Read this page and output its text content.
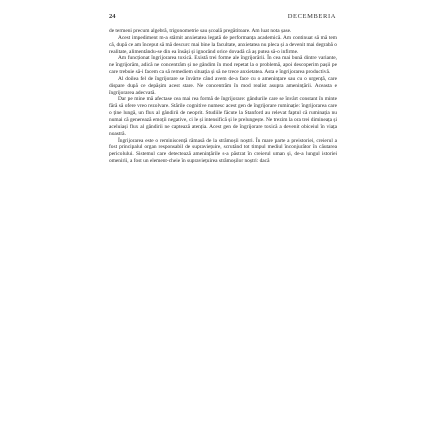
24	DECEMBERIA

de termeni precum algebră, trigonometrie sau școală pregătitoare. Am luat nota șase.

Acest impediment m-a stârnit anxietatea legată de performanța academică. Am continuat să mă tem că, după ce am început să mă descurc mai bine la facultate, anxietatea nu pleca și a devenit mai degrabă o realitate, alimentându-se din ea însăși și ignorând orice dovadă că aș putea să-o infirme.

Am funcționat îngrijorarea toxică. Există trei forme ale îngrijorării. În cea mai bună dintre variante, ne îngrijorăm, adică ne concentrăm și ne gândim în mod repetat la o problemă, apoi descoperim pașii pe care trebuie să-i facem ca să remediem situația și să ne trece anxietatea. Asta e îngrijorarea productivă.

Al doilea fel de îngrijorare se învârte când avem de-a face cu o amenințare sau cu o urgență, care dispare după ce depășim acest stare. Ne concentrăm în mod realist asupra amenințării. Aceasta e îngrijorarea adecvată.

Dar pe mine mă afectase cea mai rea formă de îngrijorare: gândurile care se învârt constant în minte fără să ofere vreo rezolvare. Stările cognitive numesc acest gen de îngrijorare ruminație: îngrijorarea care o ține lungă, un flux al gândirii de neoprit. Studiile făcute la Stanford au relevat faptul că ruminația nu numai că generează emoții negative, ci le și intensifică și le prelungește. Ne trezim la ora trei dimineața și aceluiași flux al gândirii ne captează atenția. Acest gen de îngrijorare toxică a devenit obiceiul în viața noastră.

Îngrijorarea este o reminiscență rămasă de la strămoșii noștri. În mare parte a preistoriei, creierul a fost principalul organ responsabil de supraviețuire, scrutând tot timpul mediul înconjurător în căutarea pericolului. Sistemul care detectează amenințările s-a păstrat în creierul uman și, de-a lungul istoriei omenirii, a fost un element-cheie în supraviețuirea strămoșilor noștri: dacă
